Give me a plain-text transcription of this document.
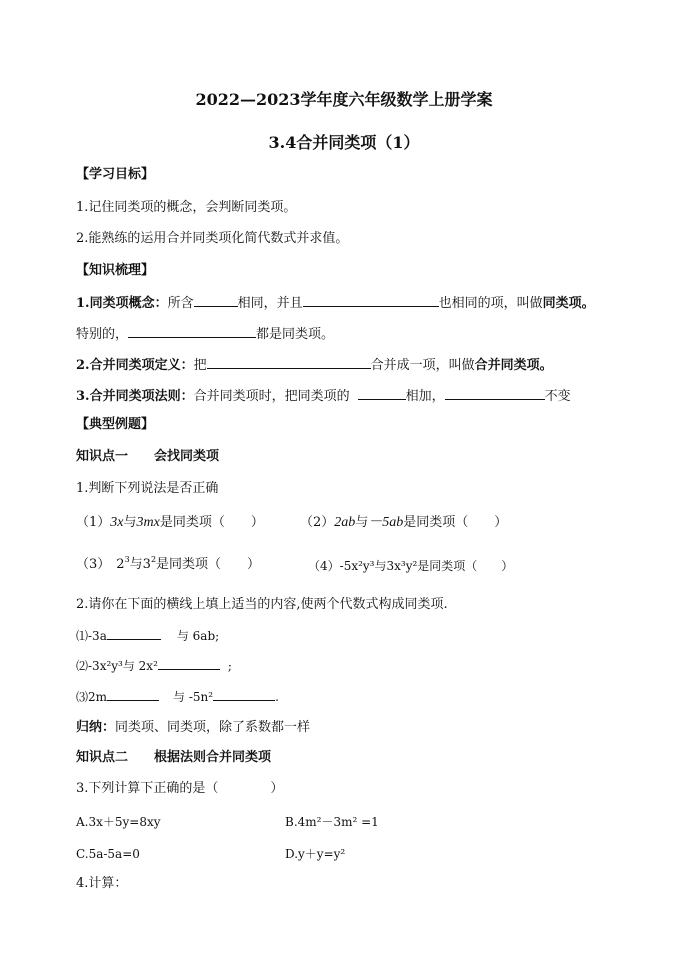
2022—2023学年度六年级数学上册学案
3.4合并同类项（1）
【学习目标】
1.记住同类项的概念，会判断同类项。
2.能熟练的运用合并同类项化简代数式并求值。
【知识梳理】
1.同类项概念：所含	相同，并且	也相同的项，叫做同类项。
特别的，	都是同类项。
2.合并同类项定义：把	合并成一项，叫做合并同类项。
3.合并同类项法则：合并同类项时，把同类项的	相加，	不变
【典型例题】
知识点一　　会找同类项
1.判断下列说法是否正确
（1）3x与3mx是同类项（　　）	（2）2ab与－5ab是同类项（　　）
（3） $2^3$与$3^2$是同类项（　　）	（4）-5x²y³与3x³y²是同类项（　　）
2.请你在下面的横线上填上适当的内容,使两个代数式构成同类项.
⑴-3a	与 6ab;
⑵-3x²y³与 2x²	;
⑶2m	与 -5n²	.
归纳：同类项、同类项，除了系数都一样
知识点二　　根据法则合并同类项
3.下列计算下正确的是（　　　　）
A.3x＋5y=8xy	B.4m²－3m² =1
C.5a-5a=0	D.y＋y=y²
4.计算：
